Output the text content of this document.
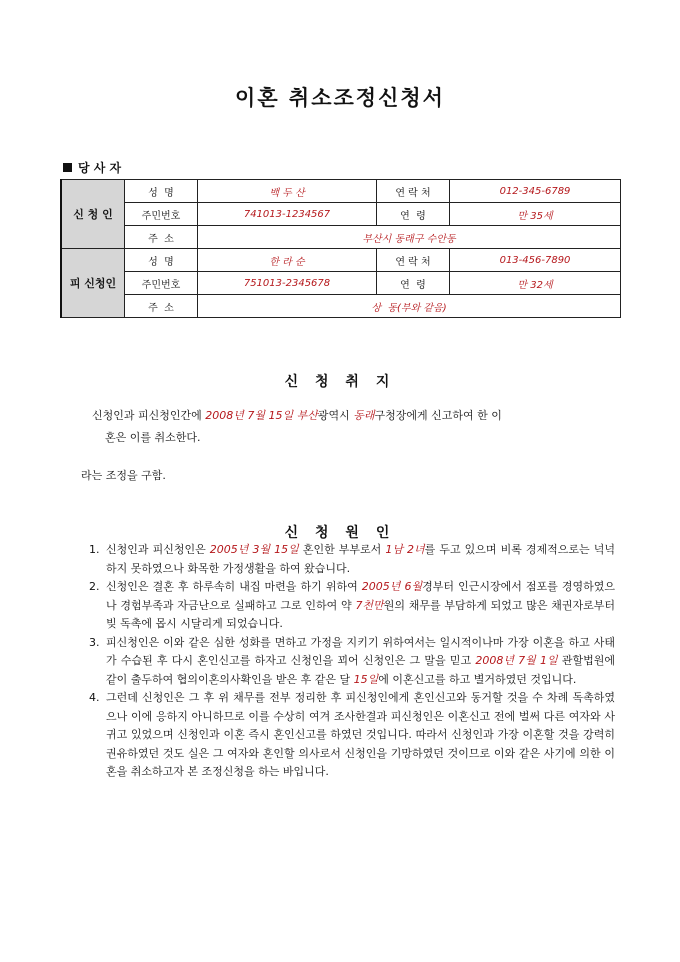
이혼 취소조정신청서
당 사 자
신 청 인	성  명	백 두 산	연 락 처	012-345-6789
	주민번호	741013-1234567	연  령	만 35세
	주  소	부산시 동래구 수안동		
피 신청인	성  명	한 라 순	연 락 처	013-456-7890
	주민번호	751013-2345678	연  령	만 32세
	주  소	상  동(부와 같음)		
신 청 취 지
신청인과 피신청인간에 2008년 7월 15일 부산광역시 동래구청장에게 신고하여 한 이
혼은 이를 취소한다.
라는 조정을 구함.
신 청 원 인
1. 신청인과 피신청인은 2005년 3월 15일 혼인한 부부로서 1남 2녀를 두고 있으며 비록 경제적으로는 넉넉하지 못하였으나 화목한 가정생활을 하여 왔습니다.
2. 신청인은 결혼 후 하루속히 내집 마련을 하기 위하여 2005년 6월경부터 인근시장에서 점포를 경영하였으나 경험부족과 자금난으로 실패하고 그로 인하여 약 7천만원의 채무를 부담하게 되었고 많은 채권자로부터 빚 독촉에 몹시 시달리게 되었습니다.
3. 피신청인은 이와 같은 심한 성화를 면하고 가정을 지키기 위하여서는 일시적이나마 가장 이혼을 하고 사태가 수습된 후 다시 혼인신고를 하자고 신청인을 꾀어 신청인은 그 말을 믿고 2008년 7월 1일 관할법원에 같이 출두하여 협의이혼의사확인을 받은 후 같은 달 15일에 이혼신고를 하고 별거하였던 것입니다.
4. 그런데 신청인은 그 후 위 채무를 전부 정리한 후 피신청인에게 혼인신고와 동거할 것을 수 차례 독촉하였으나 이에 응하지 아니하므로 이를 수상히 여겨 조사한결과 피신청인은 이혼신고 전에 벌써 다른 여자와 사귀고 있었으며 신청인과 이혼 즉시 혼인신고를 하였던 것입니다. 따라서 신청인과 가장 이혼할 것을 강력히 권유하였던 것도 실은 그 여자와 혼인할 의사로서 신청인을 기망하였던 것이므로 이와 같은 사기에 의한 이혼을 취소하고자 본 조정신청을 하는 바입니다.
